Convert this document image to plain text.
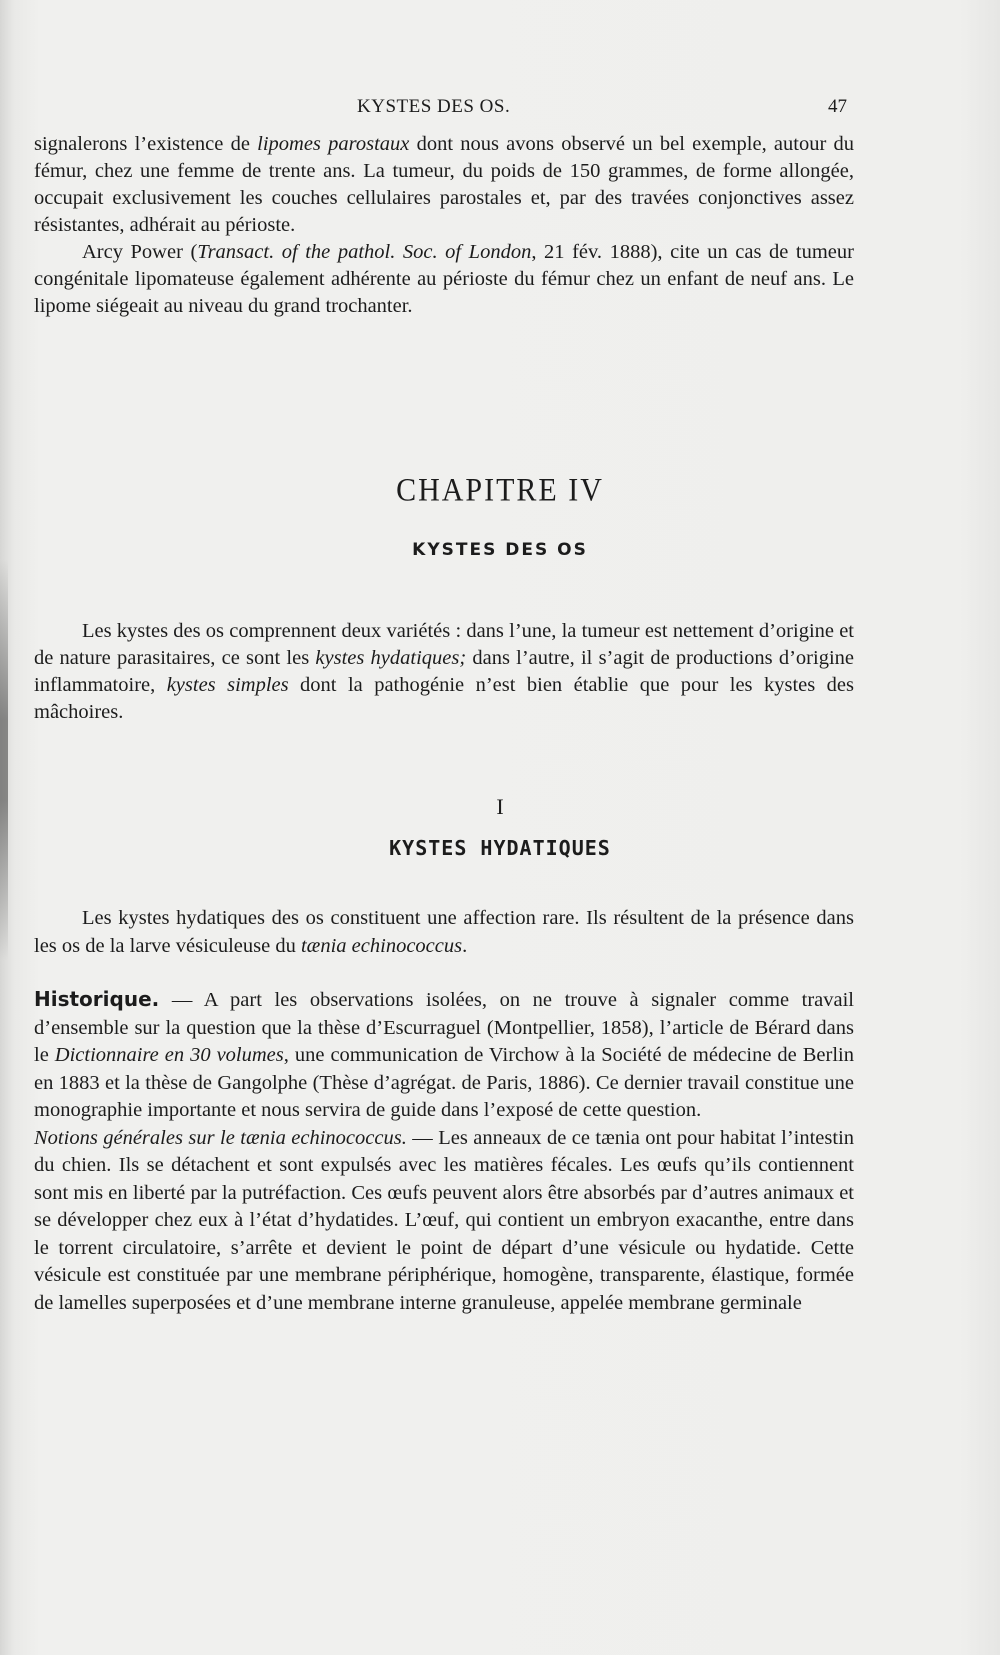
KYSTES DES OS.	47

signalerons l’existence de lipomes parostaux dont nous avons observé un bel exemple, autour du fémur, chez une femme de trente ans. La tumeur, du poids de 150 grammes, de forme allongée, occupait exclusivement les couches cellulaires parostales et, par des travées conjonctives assez résistantes, adhérait au périoste.

Arcy Power (Transact. of the pathol. Soc. of London, 21 fév. 1888), cite un cas de tumeur congénitale lipomateuse également adhérente au périoste du fémur chez un enfant de neuf ans. Le lipome siégeait au niveau du grand trochanter.

CHAPITRE IV
KYSTES DES OS

Les kystes des os comprennent deux variétés : dans l’une, la tumeur est nettement d’origine et de nature parasitaires, ce sont les kystes hydatiques; dans l’autre, il s’agit de productions d’origine inflammatoire, kystes simples dont la pathogénie n’est bien établie que pour les kystes des mâchoires.

I
KYSTES HYDATIQUES

Les kystes hydatiques des os constituent une affection rare. Ils résultent de la présence dans les os de la larve vésiculeuse du tænia echinococcus.

Historique. — A part les observations isolées, on ne trouve à signaler comme travail d’ensemble sur la question que la thèse d’Escurraguel (Montpellier, 1858), l’article de Bérard dans le Dictionnaire en 30 volumes, une communication de Virchow à la Société de médecine de Berlin en 1883 et la thèse de Gangolphe (Thèse d’agrégat. de Paris, 1886). Ce dernier travail constitue une monographie importante et nous servira de guide dans l’exposé de cette question.

Notions générales sur le tænia echinococcus. — Les anneaux de ce tænia ont pour habitat l’intestin du chien. Ils se détachent et sont expulsés avec les matières fécales. Les œufs qu’ils contiennent sont mis en liberté par la putréfaction. Ces œufs peuvent alors être absorbés par d’autres animaux et se développer chez eux à l’état d’hydatides. L’œuf, qui contient un embryon exacanthe, entre dans le torrent circulatoire, s’arrête et devient le point de départ d’une vésicule ou hydatide. Cette vésicule est constituée par une membrane périphérique, homogène, transparente, élastique, formée de lamelles superposées et d’une membrane interne granuleuse, appelée membrane germinale
